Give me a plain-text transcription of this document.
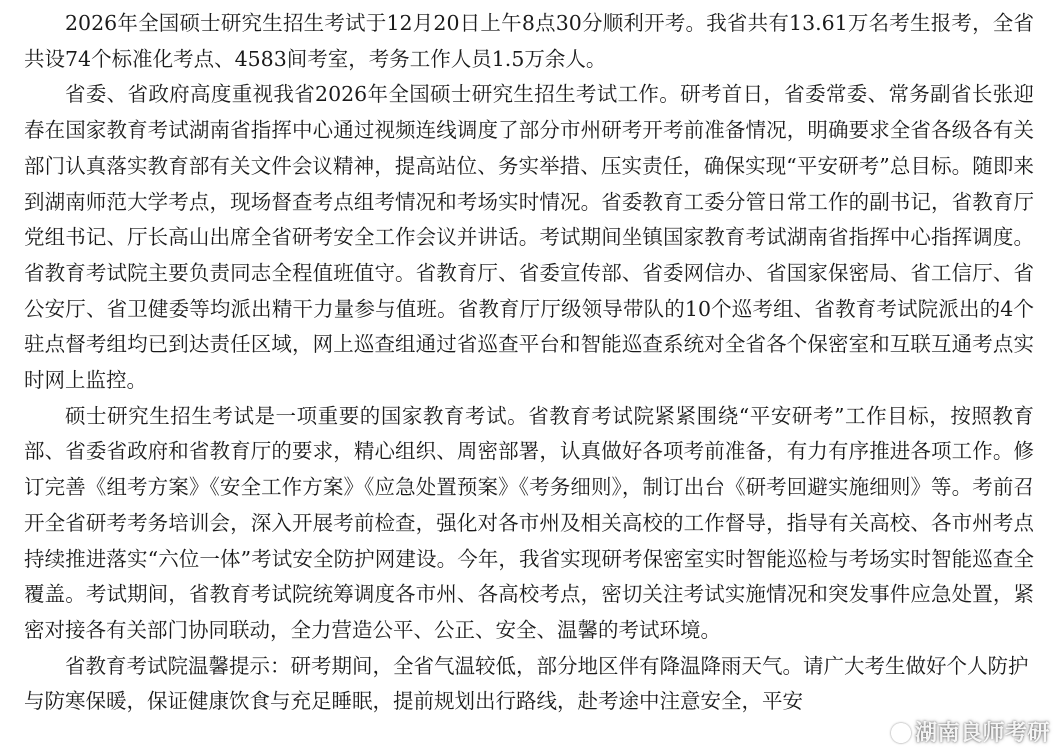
2026年全国硕士研究生招生考试于12月20日上午8点30分顺利开考。我省共有13.61万名考生报考，全省共设74个标准化考点、4583间考室，考务工作人员1.5万余人。

省委、省政府高度重视我省2026年全国硕士研究生招生考试工作。研考首日，省委常委、常务副省长张迎春在国家教育考试湖南省指挥中心通过视频连线调度了部分市州研考开考前准备情况，明确要求全省各级各有关部门认真落实教育部有关文件会议精神，提高站位、务实举措、压实责任，确保实现“平安研考”总目标。随即来到湖南师范大学考点，现场督查考点组考情况和考场实时情况。省委教育工委分管日常工作的副书记，省教育厅党组书记、厅长高山出席全省研考安全工作会议并讲话。考试期间坐镇国家教育考试湖南省指挥中心指挥调度。省教育考试院主要负责同志全程值班值守。省教育厅、省委宣传部、省委网信办、省国家保密局、省工信厅、省公安厅、省卫健委等均派出精干力量参与值班。省教育厅厅级领导带队的10个巡考组、省教育考试院派出的4个驻点督考组均已到达责任区域，网上巡查组通过省巡查平台和智能巡查系统对全省各个保密室和互联互通考点实时网上监控。

硕士研究生招生考试是一项重要的国家教育考试。省教育考试院紧紧围绕“平安研考”工作目标，按照教育部、省委省政府和省教育厅的要求，精心组织、周密部署，认真做好各项考前准备，有力有序推进各项工作。修订完善《组考方案》《安全工作方案》《应急处置预案》《考务细则》，制订出台《研考回避实施细则》等。考前召开全省研考考务培训会，深入开展考前检查，强化对各市州及相关高校的工作督导，指导有关高校、各市州考点持续推进落实“六位一体”考试安全防护网建设。今年，我省实现研考保密室实时智能巡检与考场实时智能巡查全覆盖。考试期间，省教育考试院统筹调度各市州、各高校考点，密切关注考试实施情况和突发事件应急处置，紧密对接各有关部门协同联动，全力营造公平、公正、安全、温馨的考试环境。

省教育考试院温馨提示：研考期间，全省气温较低，部分地区伴有降温降雨天气。请广大考生做好个人防护与防寒保暖，保证健康饮食与充足睡眠，提前规划出行路线，赴考途中注意安全，平安

湖南良师考研
